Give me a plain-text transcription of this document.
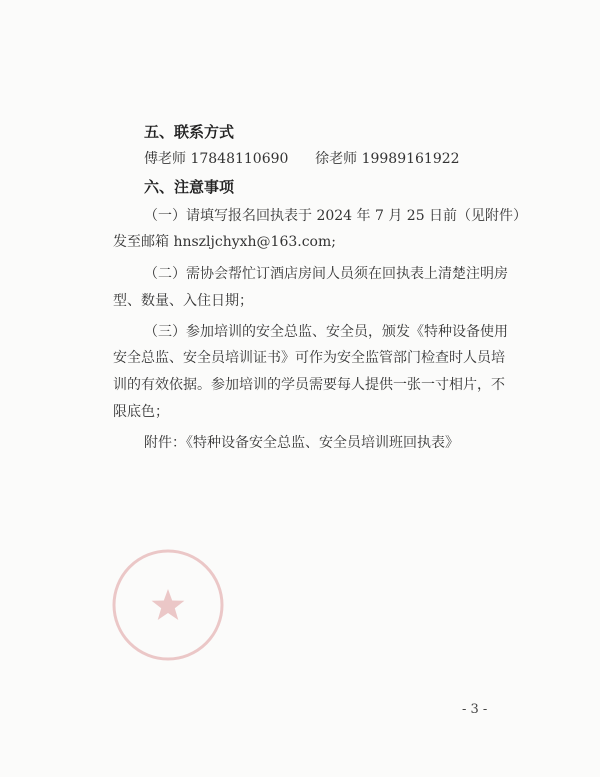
五、联系方式
傅老师 17848110690      徐老师 19989161922
六、注意事项
（一）请填写报名回执表于 2024 年 7 月 25 日前（见附件）
发至邮箱 hnszljchyxh@163.com;
（二）需协会帮忙订酒店房间人员须在回执表上清楚注明房
型、数量、入住日期；
（三）参加培训的安全总监、安全员，颁发《特种设备使用
安全总监、安全员培训证书》可作为安全监管部门检查时人员培
训的有效依据。参加培训的学员需要每人提供一张一寸相片，不
限底色；
附件：《特种设备安全总监、安全员培训班回执表》
- 3 -
